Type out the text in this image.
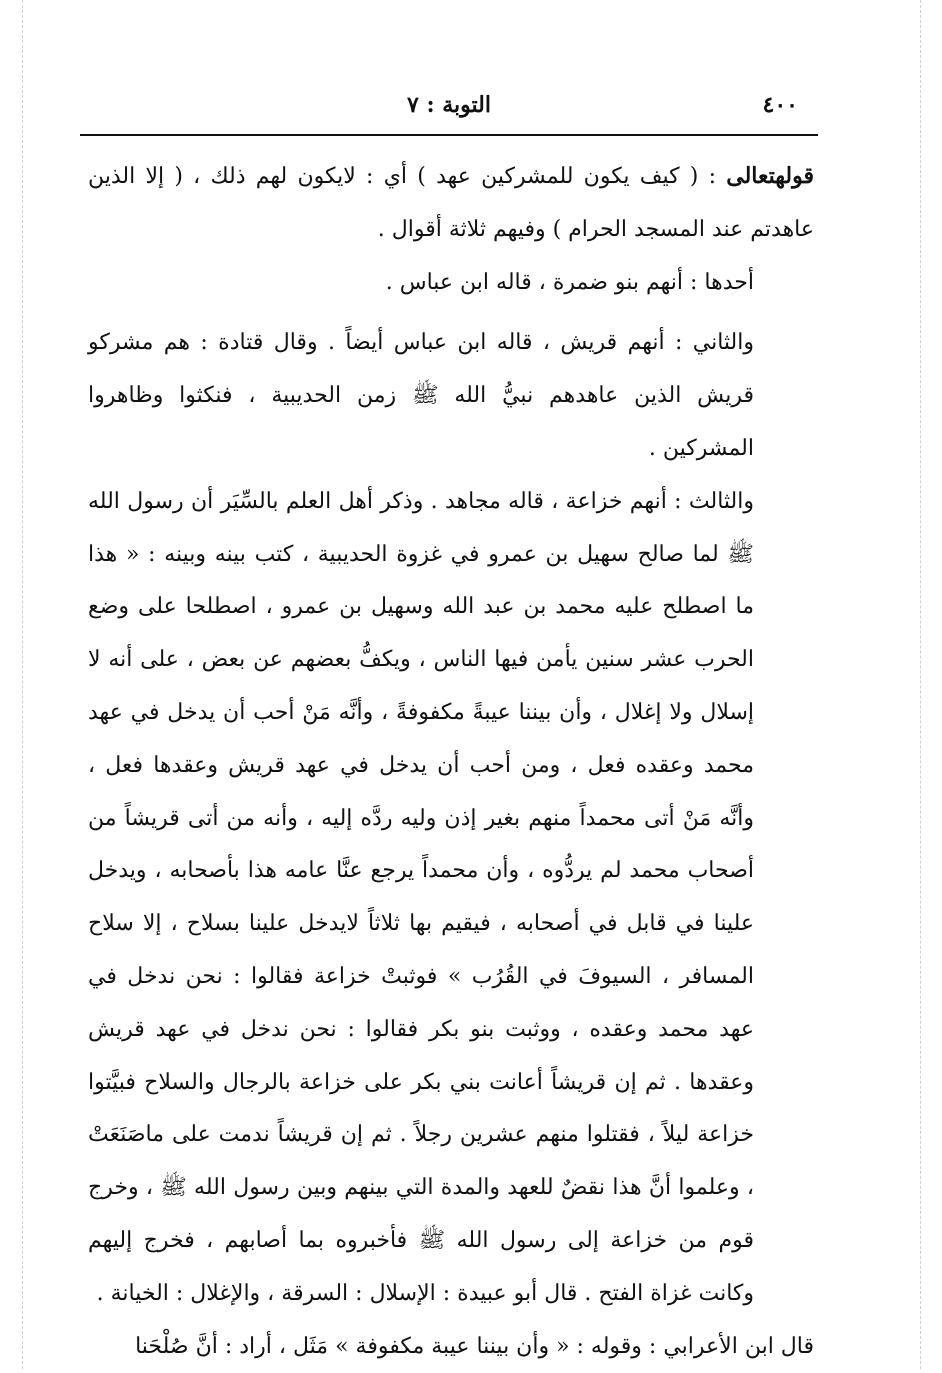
٤٠٠
التوبة : ٧

قولهتعالى : ( كيف يكون للمشركين عهد ) أي : لايكون لهم ذلك ، ( إلا الذين عاهدتم عند المسجد الحرام ) وفيهم ثلاثة أقوال .

أحدها : أنهم بنو ضمرة ، قاله ابن عباس .

والثاني : أنهم قريش ، قاله ابن عباس أيضاً . وقال قتادة : هم مشركو قريش الذين عاهدهم نبيُّ الله ﷺ زمن الحديبية ، فنكثوا وظاهروا المشركين .

والثالث : أنهم خزاعة ، قاله مجاهد . وذكر أهل العلم بالسِّيَر أن رسول الله ﷺ لما صالح سهيل بن عمرو في غزوة الحديبية ، كتب بينه وبينه : « هذا ما اصطلح عليه محمد بن عبد الله وسهيل بن عمرو ، اصطلحا على وضع الحرب عشر سنين يأمن فيها الناس ، ويكفُّ بعضهم عن بعض ، على أنه لا إسلال ولا إغلال ، وأن بيننا عيبةً مكفوفةً ، وأنَّه مَنْ أحب أن يدخل في عهد محمد وعقده فعل ، ومن أحب أن يدخل في عهد قريش وعقدها فعل ، وأنَّه مَنْ أتى محمداً منهم بغير إذن وليه ردَّه إليه ، وأنه من أتى قريشاً من أصحاب محمد لم يردُّوه ، وأن محمداً يرجع عنَّا عامه هذا بأصحابه ، ويدخل علينا في قابل في أصحابه ، فيقيم بها ثلاثاً لايدخل علينا بسلاح ، إلا سلاح المسافر ، السيوفَ في القُرُب » فوثبتْ خزاعة فقالوا : نحن ندخل في عهد محمد وعقده ، ووثبت بنو بكر فقالوا : نحن ندخل في عهد قريش وعقدها . ثم إن قريشاً أعانت بني بكر على خزاعة بالرجال والسلاح فبيَّتوا خزاعة ليلاً ، فقتلوا منهم عشرين رجلاً . ثم إن قريشاً ندمت على ماصَنَعَتْ ، وعلموا أنَّ هذا نقضٌ للعهد والمدة التي بينهم وبين رسول الله ﷺ ، وخرج قوم من خزاعة إلى رسول الله ﷺ فأخبروه بما أصابهم ، فخرج إليهم وكانت غزاة الفتح . قال أبو عبيدة : الإسلال : السرقة ، والإغلال : الخيانة .

قال ابن الأعرابي : وقوله : « وأن بيننا عيبة مكفوفة » مَثَل ، أراد : أنَّ صُلْحَنا
